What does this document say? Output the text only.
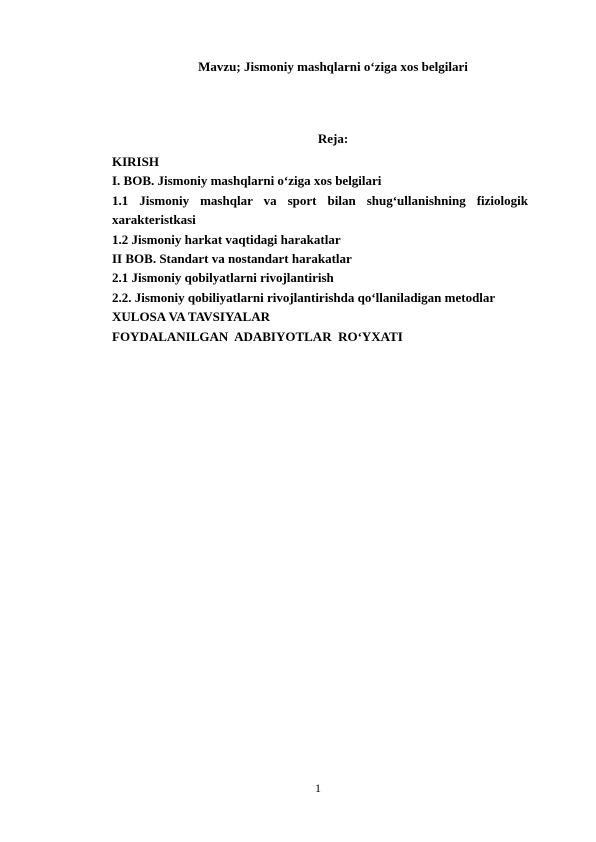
Mavzu; Jismoniy mashqlarni o‘ziga xos belgilari
Reja:
KIRISH
I. BOB. Jismoniy mashqlarni o‘ziga xos belgilari
1.1 Jismoniy mashqlar va sport bilan shug‘ullanishning fiziologik xarakteristkasi
1.2 Jismoniy harkat vaqtidagi harakatlar
II BOB. Standart va nostandart harakatlar
2.1 Jismoniy qobilyatlarni rivojlantirish
2.2. Jismoniy qobiliyatlarni rivojlantirishda qo‘llaniladigan metodlar
XULOSA VA TAVSIYALAR
FOYDALANILGAN  ADABIYOTLAR  RO‘YXATI
1
